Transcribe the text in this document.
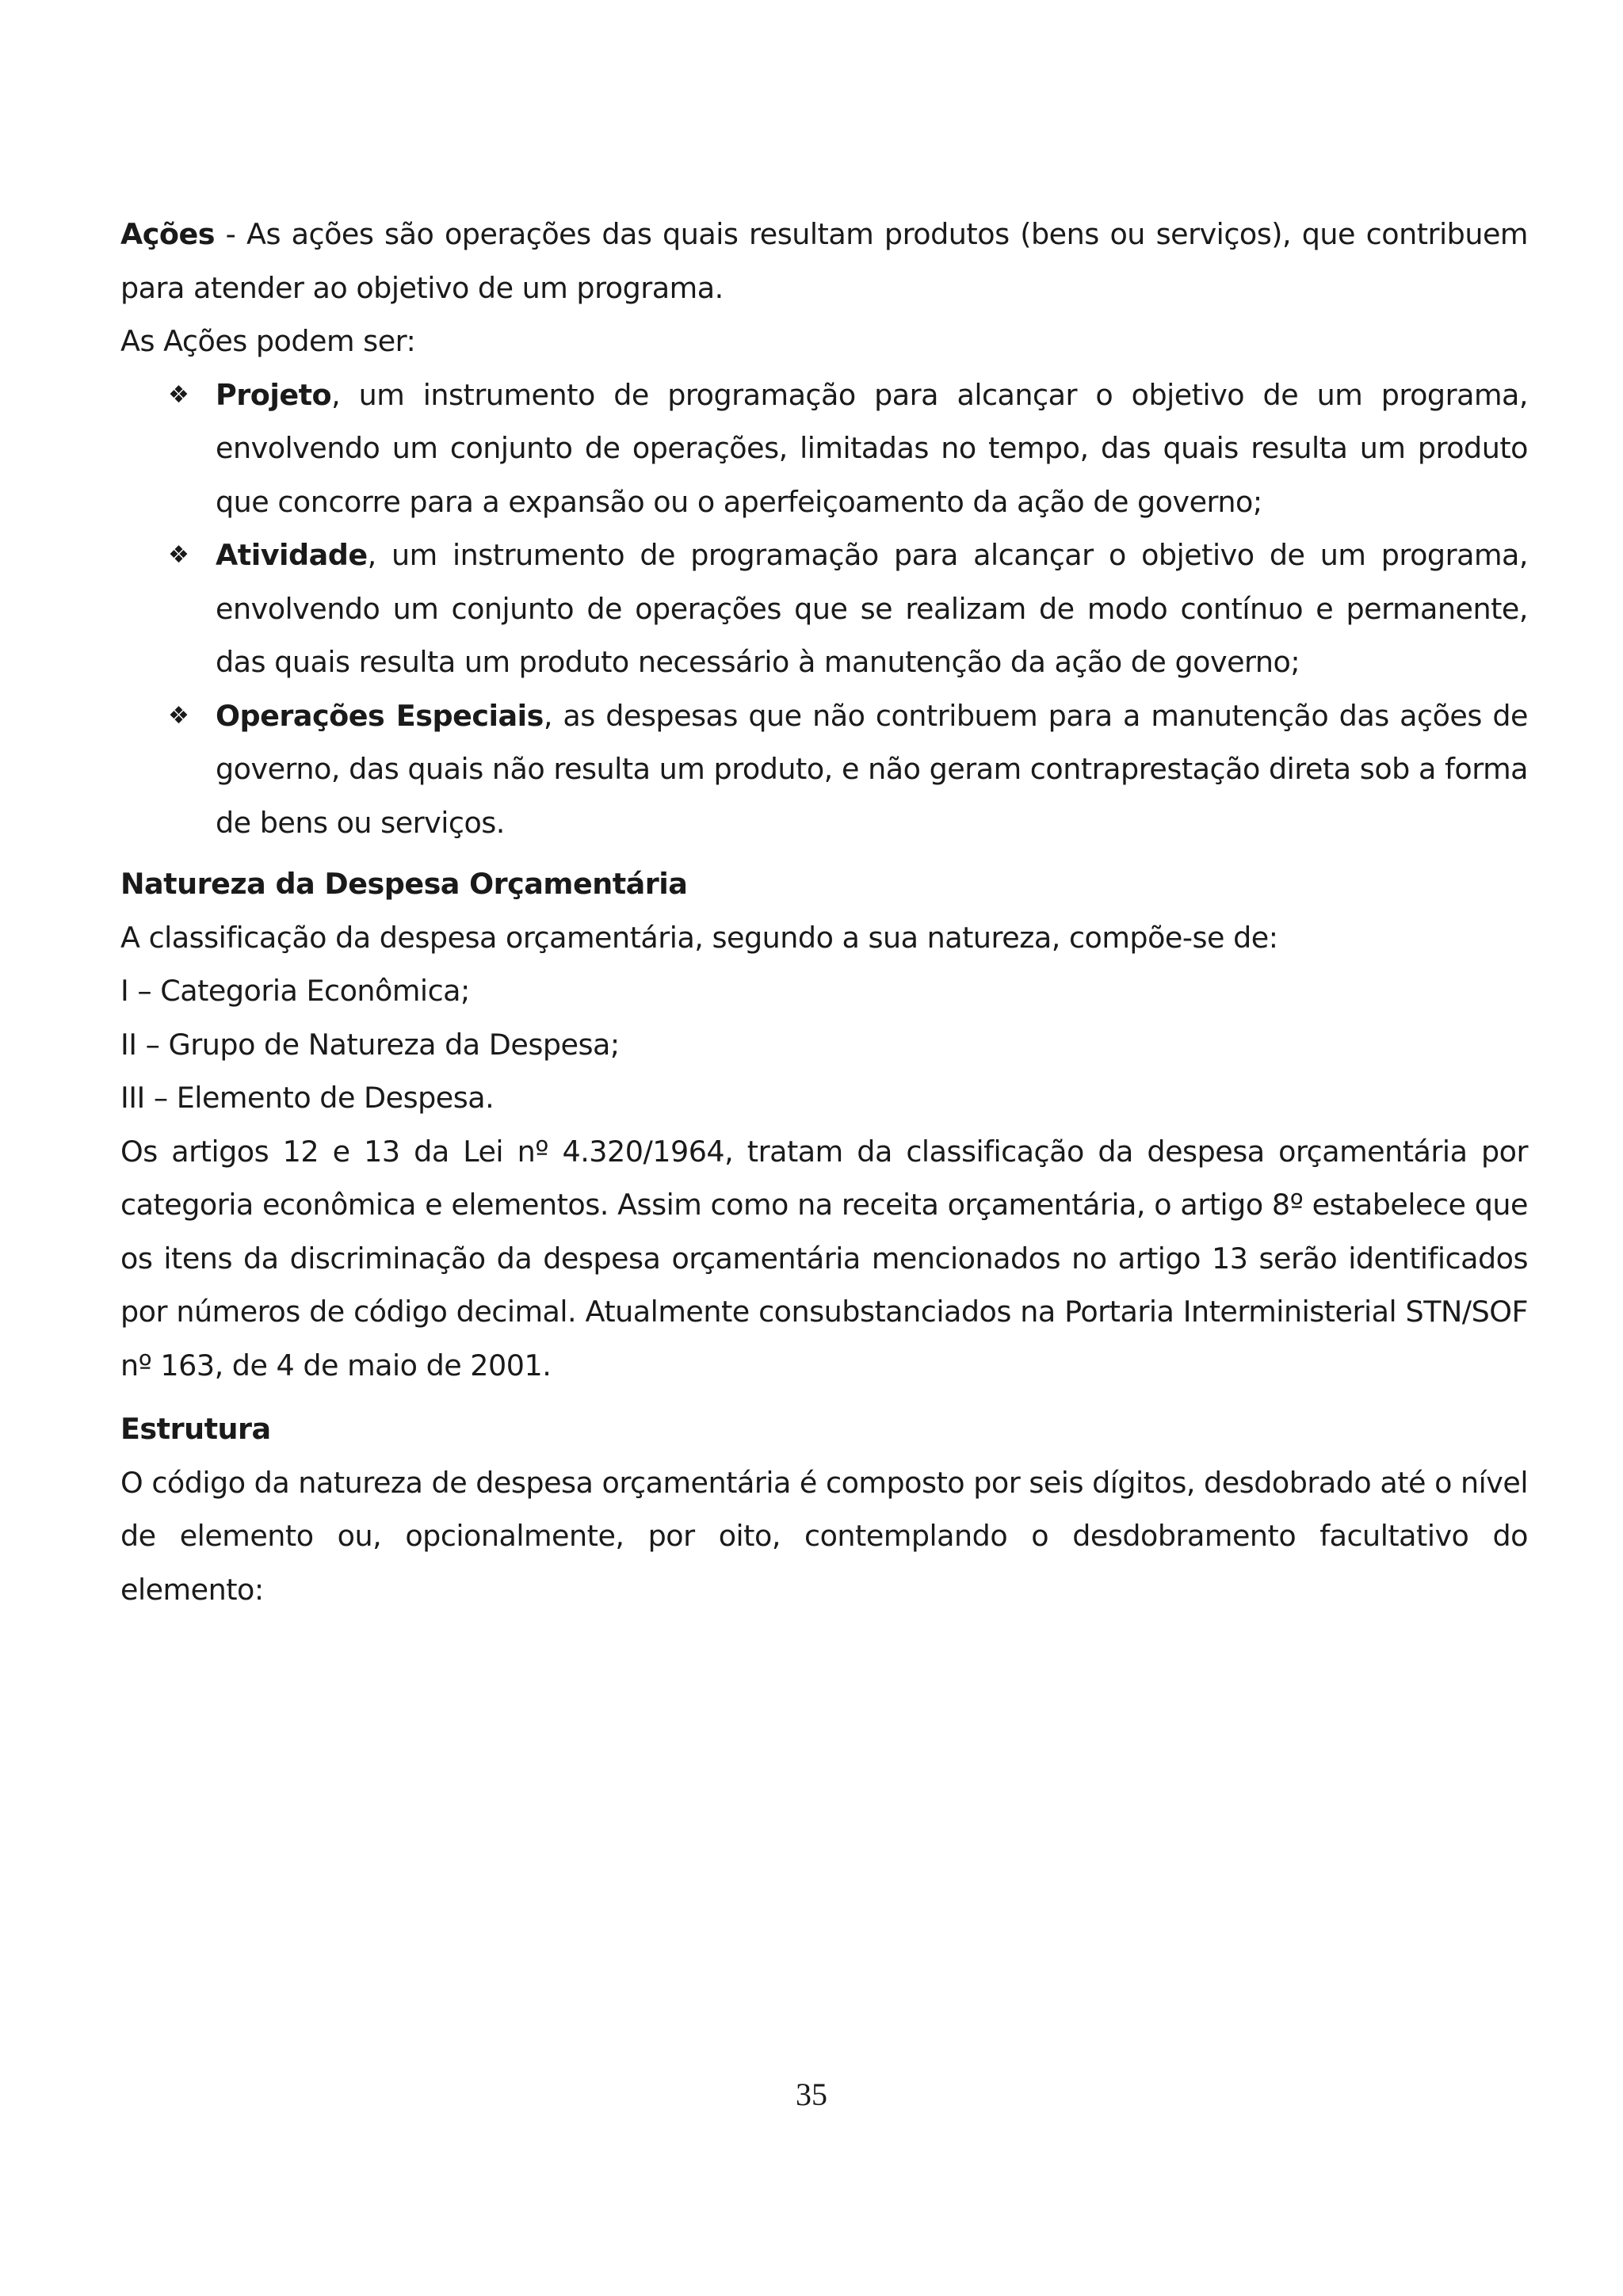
Ações - As ações são operações das quais resultam produtos (bens ou serviços), que contribuem para atender ao objetivo de um programa.

As Ações podem ser:

❖ Projeto, um instrumento de programação para alcançar o objetivo de um programa, envolvendo um conjunto de operações, limitadas no tempo, das quais resulta um produto que concorre para a expansão ou o aperfeiçoamento da ação de governo;
❖ Atividade, um instrumento de programação para alcançar o objetivo de um programa, envolvendo um conjunto de operações que se realizam de modo contínuo e permanente, das quais resulta um produto necessário à manutenção da ação de governo;
❖ Operações Especiais, as despesas que não contribuem para a manutenção das ações de governo, das quais não resulta um produto, e não geram contraprestação direta sob a forma de bens ou serviços.

Natureza da Despesa Orçamentária

A classificação da despesa orçamentária, segundo a sua natureza, compõe-se de:

I – Categoria Econômica;

II – Grupo de Natureza da Despesa;

III – Elemento de Despesa.

Os artigos 12 e 13 da Lei nº 4.320/1964, tratam da classificação da despesa orçamentária por categoria econômica e elementos. Assim como na receita orçamentária, o artigo 8º estabelece que os itens da discriminação da despesa orçamentária mencionados no artigo 13 serão identificados por números de código decimal. Atualmente consubstanciados na Portaria Interministerial STN/SOF nº 163, de 4 de maio de 2001.

Estrutura

O código da natureza de despesa orçamentária é composto por seis dígitos, desdobrado até o nível de elemento ou, opcionalmente, por oito, contemplando o desdobramento facultativo do elemento:

35
